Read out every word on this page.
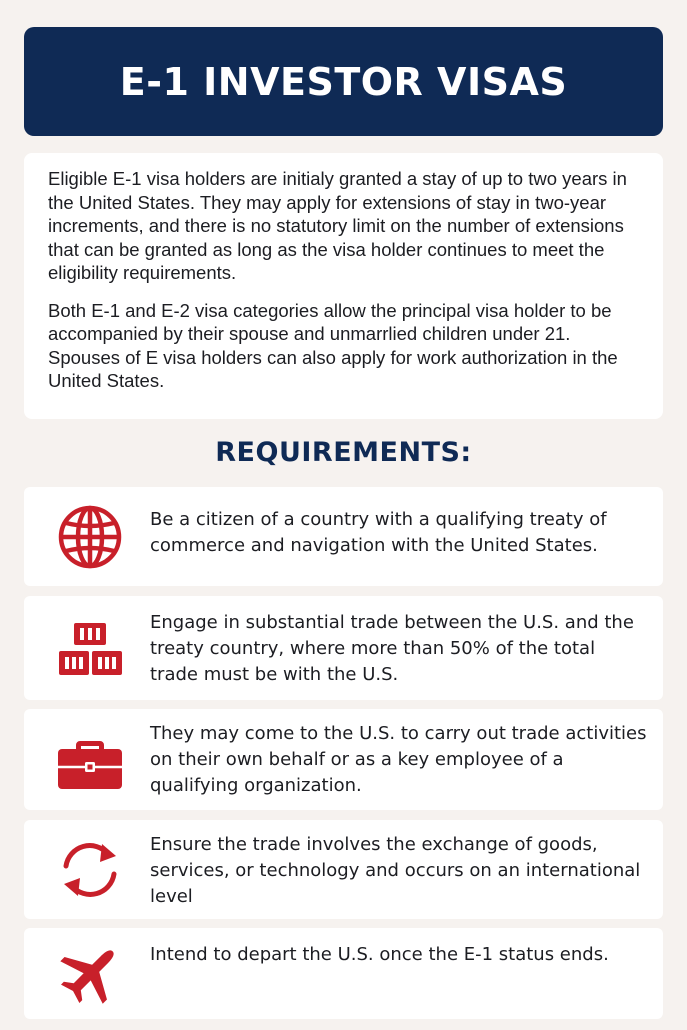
E-1 INVESTOR VISAS

Eligible E-1 visa holders are initialy granted a stay of up to two years in the United States. They may apply for extensions of stay in two-year increments, and there is no statutory limit on the number of extensions that can be granted as long as the visa holder continues to meet the eligibility requirements.

Both E-1 and E-2 visa categories allow the principal visa holder to be accompanied by their spouse and unmarrlied children under 21. Spouses of E visa holders can also apply for work authorization in the United States.

REQUIREMENTS:

Be a citizen of a country with a qualifying treaty of commerce and navigation with the United States.

Engage in substantial trade between the U.S. and the treaty country, where more than 50% of the total trade must be with the U.S.

They may come to the U.S. to carry out trade activities on their own behalf or as a key employee of a qualifying organization.

Ensure the trade involves the exchange of goods, services, or technology and occurs on an international level

Intend to depart the U.S. once the E-1 status ends.
